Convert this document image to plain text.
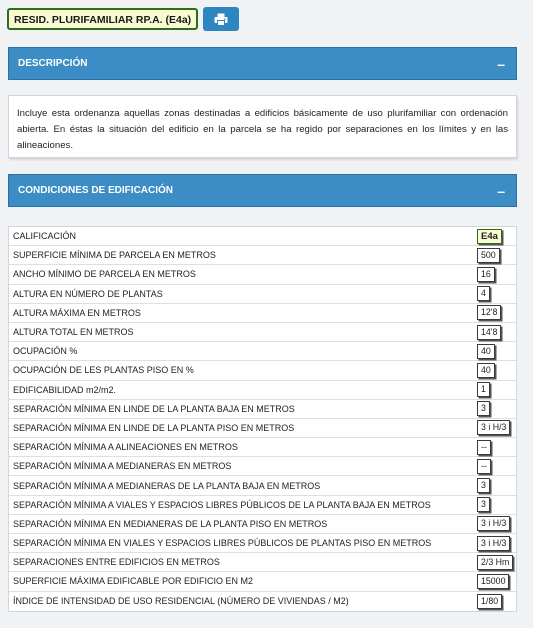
RESID. PLURIFAMILIAR RP.A. (E4a)
DESCRIPCIÓN	–

Incluye esta ordenanza aquellas zonas destinadas a edificios básicamente de uso plurifamiliar con ordenación abierta. En éstas la situación del edificio en la parcela se ha regido por separaciones en los límites y en las alineaciones.

CONDICIONES DE EDIFICACIÓN	–
CALIFICACIÓN	E4a
SUPERFICIE MÍNIMA DE PARCELA EN METROS	500
ANCHO MÍNIMO DE PARCELA EN METROS	16
ALTURA EN NÚMERO DE PLANTAS	4
ALTURA MÁXIMA EN METROS	12'8
ALTURA TOTAL EN METROS	14'8
OCUPACIÓN %	40
OCUPACIÓN DE LES PLANTAS PISO EN %	40
EDIFICABILIDAD m2/m2.	1
SEPARACIÓN MÍNIMA EN LINDE DE LA PLANTA BAJA EN METROS	3
SEPARACIÓN MÍNIMA EN LINDE DE LA PLANTA PISO EN METROS	3 i H/3
SEPARACIÓN MÍNIMA A ALINEACIONES EN METROS	--
SEPARACIÓN MÍNIMA A MEDIANERAS EN METROS	--
SEPARACIÓN MÍNIMA A MEDIANERAS DE LA PLANTA BAJA EN METROS	3
SEPARACIÓN MÍNIMA A VIALES Y ESPACIOS LIBRES PÚBLICOS DE LA PLANTA BAJA EN METROS	3
SEPARACIÓN MÍNIMA EN MEDIANERAS DE LA PLANTA PISO EN METROS	3 i H/3
SEPARACIÓN MÍNIMA EN VIALES Y ESPACIOS LIBRES PÚBLICOS DE PLANTAS PISO EN METROS	3 i H/3
SEPARACIONES ENTRE EDIFICIOS EN METROS	2/3 Hm
SUPERFICIE MÁXIMA EDIFICABLE POR EDIFICIO EN M2	15000
ÍNDICE DE INTENSIDAD DE USO RESIDENCIAL (NÚMERO DE VIVIENDAS / M2)	1/80
